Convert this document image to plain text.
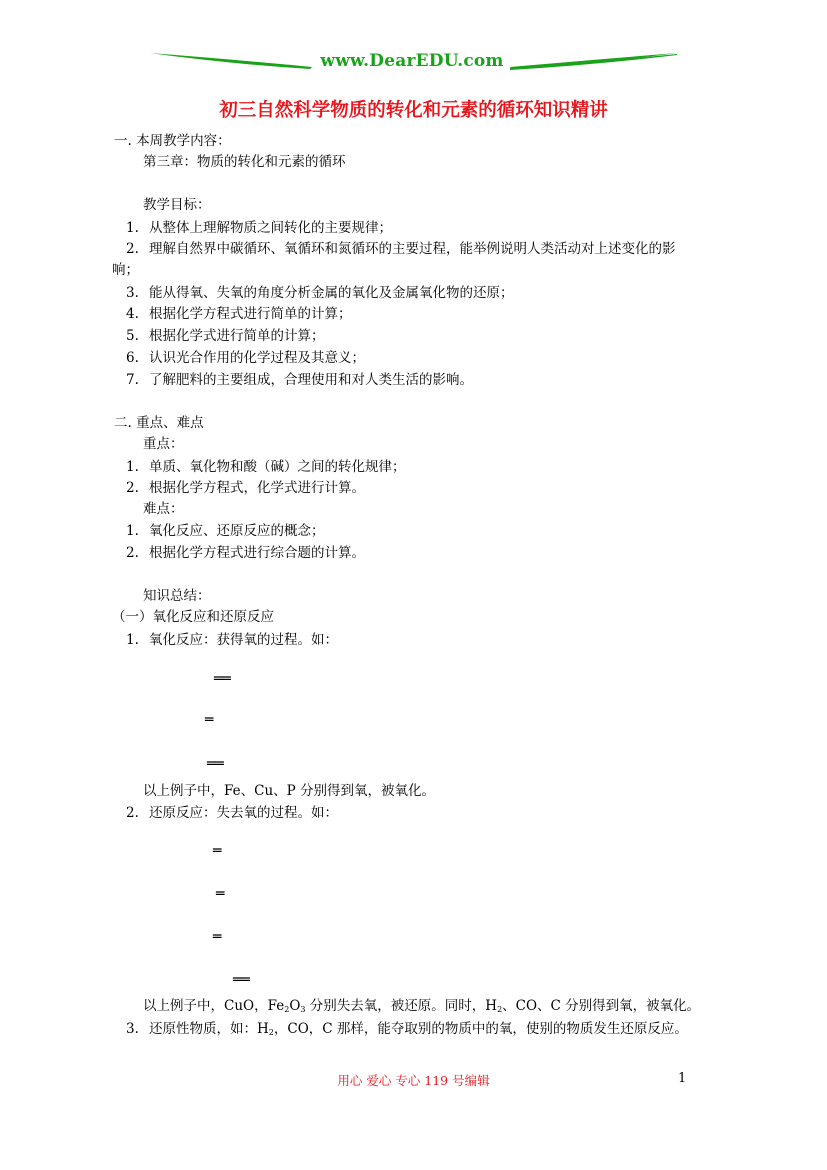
www.DearEDU.com
初三自然科学物质的转化和元素的循环知识精讲
一. 本周教学内容：
第三章：物质的转化和元素的循环
教学目标：
1. 从整体上理解物质之间转化的主要规律；
2. 理解自然界中碳循环、氧循环和氮循环的主要过程，能举例说明人类活动对上述变化的影
响；
3. 能从得氧、失氧的角度分析金属的氧化及金属氧化物的还原；
4. 根据化学方程式进行简单的计算；
5. 根据化学式进行简单的计算；
6. 认识光合作用的化学过程及其意义；
7. 了解肥料的主要组成，合理使用和对人类生活的影响。
二. 重点、难点
重点：
1. 单质、氧化物和酸（碱）之间的转化规律；
2. 根据化学方程式，化学式进行计算。
难点：
1. 氧化反应、还原反应的概念；
2. 根据化学方程式进行综合题的计算。
知识总结：
（一）氧化反应和还原反应
1. 氧化反应：获得氧的过程。如：
══
═
══
以上例子中，Fe、Cu、P 分别得到氧，被氧化。
2. 还原反应：失去氧的过程。如：
═
═
═
══
以上例子中，CuO，$Fe_2O_3$ 分别失去氧，被还原。同时，$H_2$、CO、C 分别得到氧，被氧化。
3. 还原性物质，如：$H_2$，CO，C 那样，能夺取别的物质中的氧，使别的物质发生还原反应。
用心 爱心 专心 119 号编辑	1
